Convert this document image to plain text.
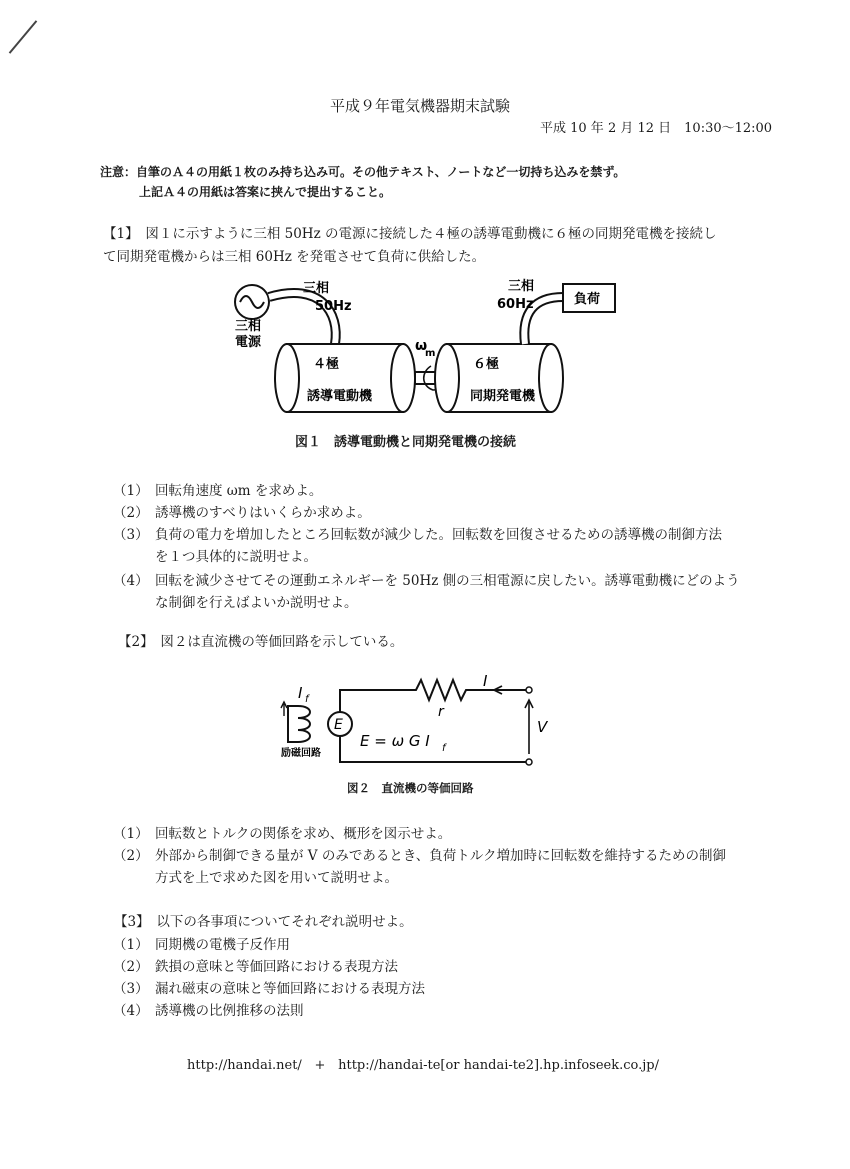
平成９年電気機器期末試験
平成 10 年 2 月 12 日　10:30〜12:00
注意：自筆のＡ４の用紙１枚のみ持ち込み可。その他テキスト、ノートなど一切持ち込みを禁ず。
上記Ａ４の用紙は答案に挟んで提出すること。
【1】　図１に示すように三相 50Hz の電源に接続した４極の誘導電動機に６極の同期発電機を接続し
て同期発電機からは三相 60Hz を発電させて負荷に供給した。
三相
電源
三相
50Hz
４極
誘導電動機
ω
m
６極
同期発電機
三相
60Hz	負荷
図１　誘導電動機と同期発電機の接続
（1） 回転角速度 ωm を求めよ。
（2） 誘導機のすべりはいくらか求めよ。
（3） 負荷の電力を増加したところ回転数が減少した。回転数を回復させるための誘導機の制御方法
を１つ具体的に説明せよ。
（4） 回転を減少させてその運動エネルギーを 50Hz 側の三相電源に戻したい。誘導電動機にどのよう
な制御を行えばよいか説明せよ。
【2】　図２は直流機の等価回路を示している。
I f
励磁回路
E
I
r
V
E = ω G I f
図２　直流機の等価回路
（1） 回転数とトルクの関係を求め、概形を図示せよ。
（2） 外部から制御できる量が V のみであるとき、負荷トルク増加時に回転数を維持するための制御
方式を上で求めた図を用いて説明せよ。
【3】　以下の各事項についてそれぞれ説明せよ。
（1） 同期機の電機子反作用
（2） 鉄損の意味と等価回路における表現方法
（3） 漏れ磁束の意味と等価回路における表現方法
（4） 誘導機の比例推移の法則
http://handai.net/ + http://handai-te[or handai-te2].hp.infoseek.co.jp/
